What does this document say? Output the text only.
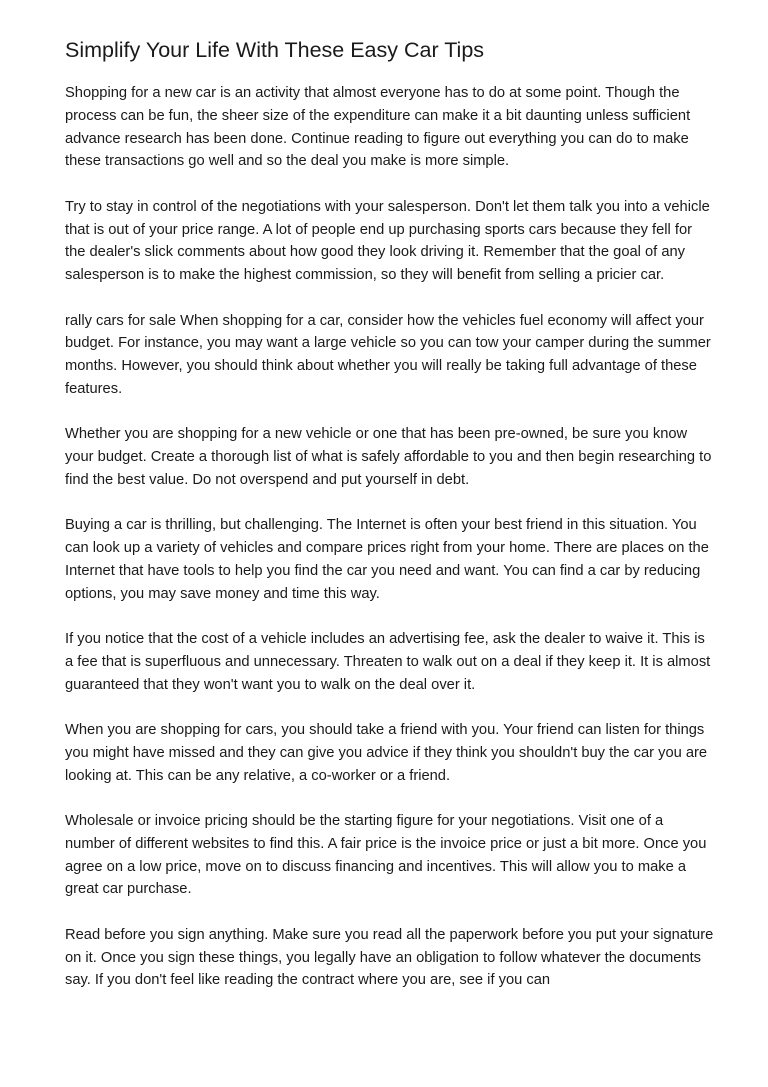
Simplify Your Life With These Easy Car Tips

Shopping for a new car is an activity that almost everyone has to do at some point. Though the process can be fun, the sheer size of the expenditure can make it a bit daunting unless sufficient advance research has been done. Continue reading to figure out everything you can do to make these transactions go well and so the deal you make is more simple.

Try to stay in control of the negotiations with your salesperson. Don't let them talk you into a vehicle that is out of your price range. A lot of people end up purchasing sports cars because they fell for the dealer's slick comments about how good they look driving it. Remember that the goal of any salesperson is to make the highest commission, so they will benefit from selling a pricier car.

rally cars for sale When shopping for a car, consider how the vehicles fuel economy will affect your budget. For instance, you may want a large vehicle so you can tow your camper during the summer months. However, you should think about whether you will really be taking full advantage of these features.

Whether you are shopping for a new vehicle or one that has been pre-owned, be sure you know your budget. Create a thorough list of what is safely affordable to you and then begin researching to find the best value. Do not overspend and put yourself in debt.

Buying a car is thrilling, but challenging. The Internet is often your best friend in this situation. You can look up a variety of vehicles and compare prices right from your home. There are places on the Internet that have tools to help you find the car you need and want. You can find a car by reducing options, you may save money and time this way.

If you notice that the cost of a vehicle includes an advertising fee, ask the dealer to waive it. This is a fee that is superfluous and unnecessary. Threaten to walk out on a deal if they keep it. It is almost guaranteed that they won't want you to walk on the deal over it.

When you are shopping for cars, you should take a friend with you. Your friend can listen for things you might have missed and they can give you advice if they think you shouldn't buy the car you are looking at. This can be any relative, a co-worker or a friend.

Wholesale or invoice pricing should be the starting figure for your negotiations. Visit one of a number of different websites to find this. A fair price is the invoice price or just a bit more. Once you agree on a low price, move on to discuss financing and incentives. This will allow you to make a great car purchase.

Read before you sign anything. Make sure you read all the paperwork before you put your signature on it. Once you sign these things, you legally have an obligation to follow whatever the documents say. If you don't feel like reading the contract where you are, see if you can
